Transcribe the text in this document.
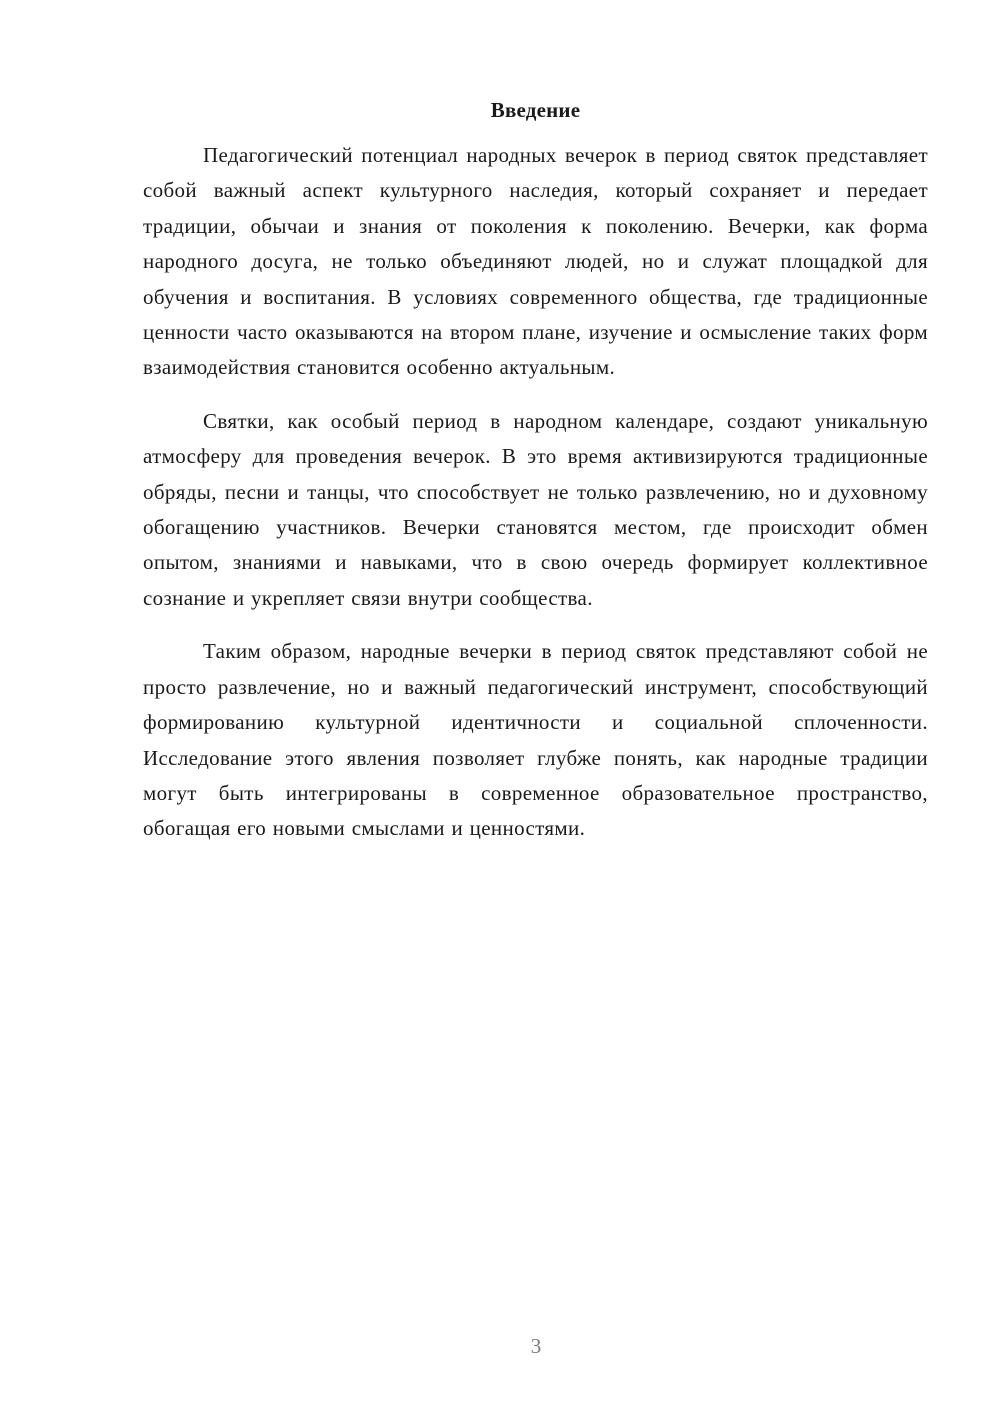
Введение

Педагогический потенциал народных вечерок в период святок представляет собой важный аспект культурного наследия, который сохраняет и передает традиции, обычаи и знания от поколения к поколению. Вечерки, как форма народного досуга, не только объединяют людей, но и служат площадкой для обучения и воспитания. В условиях современного общества, где традиционные ценности часто оказываются на втором плане, изучение и осмысление таких форм взаимодействия становится особенно актуальным.

Святки, как особый период в народном календаре, создают уникальную атмосферу для проведения вечерок. В это время активизируются традиционные обряды, песни и танцы, что способствует не только развлечению, но и духовному обогащению участников. Вечерки становятся местом, где происходит обмен опытом, знаниями и навыками, что в свою очередь формирует коллективное сознание и укрепляет связи внутри сообщества.

Таким образом, народные вечерки в период святок представляют собой не просто развлечение, но и важный педагогический инструмент, способствующий формированию культурной идентичности и социальной сплоченности. Исследование этого явления позволяет глубже понять, как народные традиции могут быть интегрированы в современное образовательное пространство, обогащая его новыми смыслами и ценностями.

3
